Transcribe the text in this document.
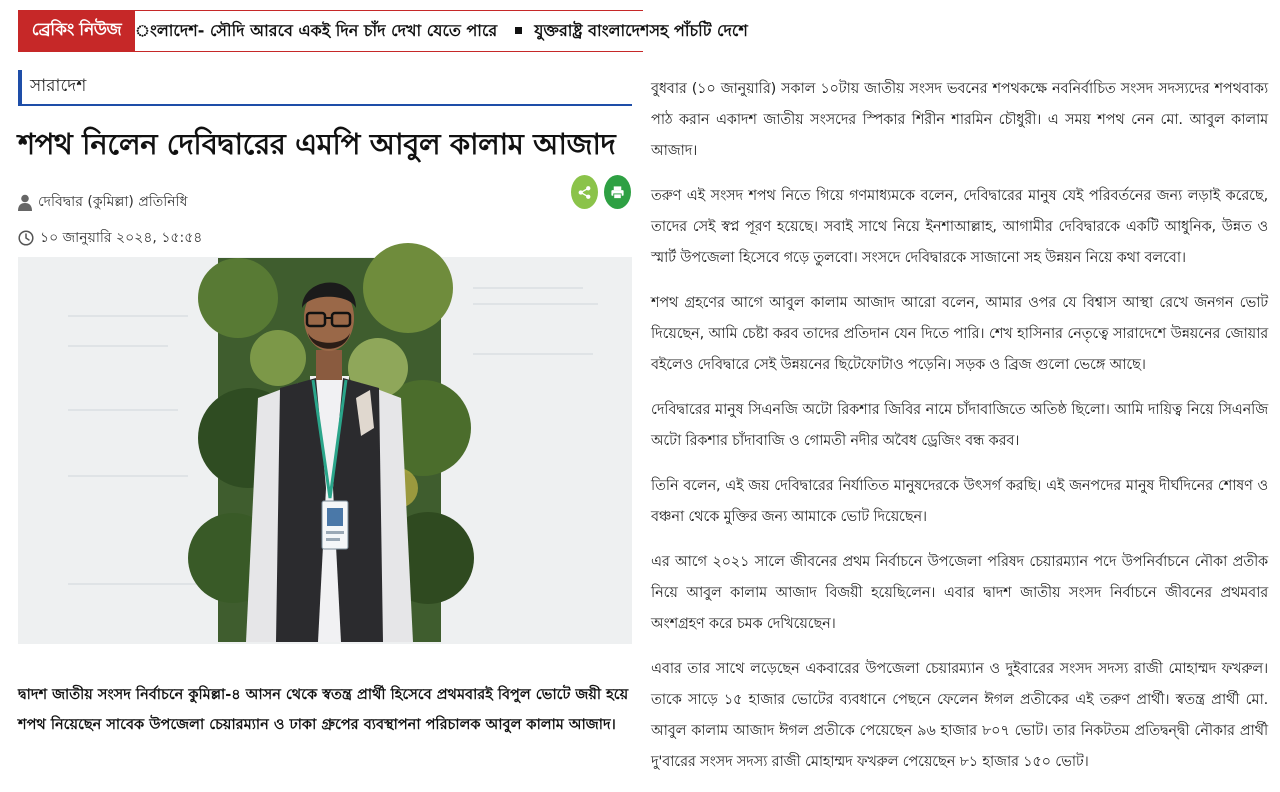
ব্রেকিং নিউজ ংলাদেশ- সৌদি আরবে একই দিন চাঁদ দেখা যেতে পারে যুক্তরাষ্ট্র বাংলাদেশসহ পাঁচটি দেশে
সারাদেশ
শপথ নিলেন দেবিদ্বারের এমপি আবুল কালাম আজাদ
দেবিদ্বার (কুমিল্লা) প্রতিনিধি
১০ জানুয়ারি ২০২৪, ১৫:৫৪

দ্বাদশ জাতীয় সংসদ নির্বাচনে কুমিল্লা-৪ আসন থেকে স্বতন্ত্র প্রার্থী হিসেবে প্রথমবারই বিপুল ভোটে জয়ী হয়ে শপথ নিয়েছেন সাবেক উপজেলা চেয়ারম্যান ও ঢাকা গ্রুপের ব্যবস্থাপনা পরিচালক আবুল কালাম আজাদ।

বুধবার (১০ জানুয়ারি) সকাল ১০টায় জাতীয় সংসদ ভবনের শপথকক্ষে নবনির্বাচিত সংসদ সদস্যদের শপথবাক্য পাঠ করান একাদশ জাতীয় সংসদের স্পিকার শিরীন শারমিন চৌধুরী। এ সময় শপথ নেন মো. আবুল কালাম আজাদ।

তরুণ এই সংসদ শপথ নিতে গিয়ে গণমাধ্যমকে বলেন, দেবিদ্বারের মানুষ যেই পরিবর্তনের জন্য লড়াই করেছে, তাদের সেই স্বপ্ন পূরণ হয়েছে। সবাই সাথে নিয়ে ইনশাআল্লাহ, আগামীর দেবিদ্বারকে একটি আধুনিক, উন্নত ও স্মার্ট উপজেলা হিসেবে গড়ে তুলবো। সংসদে দেবিদ্বারকে সাজানো সহ উন্নয়ন নিয়ে কথা বলবো।

শপথ গ্রহণের আগে আবুল কালাম আজাদ আরো বলেন, আমার ওপর যে বিশ্বাস আস্থা রেখে জনগন ভোট দিয়েছেন, আমি চেষ্টা করব তাদের প্রতিদান যেন দিতে পারি। শেখ হাসিনার নেতৃত্বে সারাদেশে উন্নয়নের জোয়ার বইলেও দেবিদ্বারে সেই উন্নয়নের ছিটেফোটাও পড়েনি। সড়ক ও ব্রিজ গুলো ভেঙ্গে আছে।

দেবিদ্বারের মানুষ সিএনজি অটো রিকশার জিবির নামে চাঁদাবাজিতে অতিষ্ঠ ছিলো। আমি দায়িত্ব নিয়ে সিএনজি অটো রিকশার চাঁদাবাজি ও গোমতী নদীর অবৈধ ড্রেজিং বন্ধ করব।

তিনি বলেন, এই জয় দেবিদ্বারের নির্যাতিত মানুষদেরকে উৎসর্গ করছি। এই জনপদের মানুষ দীর্ঘদিনের শোষণ ও বঞ্চনা থেকে মুক্তির জন্য আমাকে ভোট দিয়েছেন।

এর আগে ২০২১ সালে জীবনের প্রথম নির্বাচনে উপজেলা পরিষদ চেয়ারম্যান পদে উপনির্বাচনে নৌকা প্রতীক নিয়ে আবুল কালাম আজাদ বিজয়ী হয়েছিলেন। এবার দ্বাদশ জাতীয় সংসদ নির্বাচনে জীবনের প্রথমবার অংশগ্রহণ করে চমক দেখিয়েছেন।

এবার তার সাথে লড়েছেন একবারের উপজেলা চেয়ারম্যান ও দুইবারের সংসদ সদস্য রাজী মোহাম্মদ ফখরুল। তাকে সাড়ে ১৫ হাজার ভোটের ব্যবধানে পেছনে ফেলেন ঈগল প্রতীকের এই তরুণ প্রার্থী। স্বতন্ত্র প্রার্থী মো. আবুল কালাম আজাদ ঈগল প্রতীকে পেয়েছেন ৯৬ হাজার ৮০৭ ভোট। তার নিকটতম প্রতিদ্বন্দ্বী নৌকার প্রার্থী দু'বারের সংসদ সদস্য রাজী মোহাম্মদ ফখরুল পেয়েছেন ৮১ হাজার ১৫০ ভোট।
